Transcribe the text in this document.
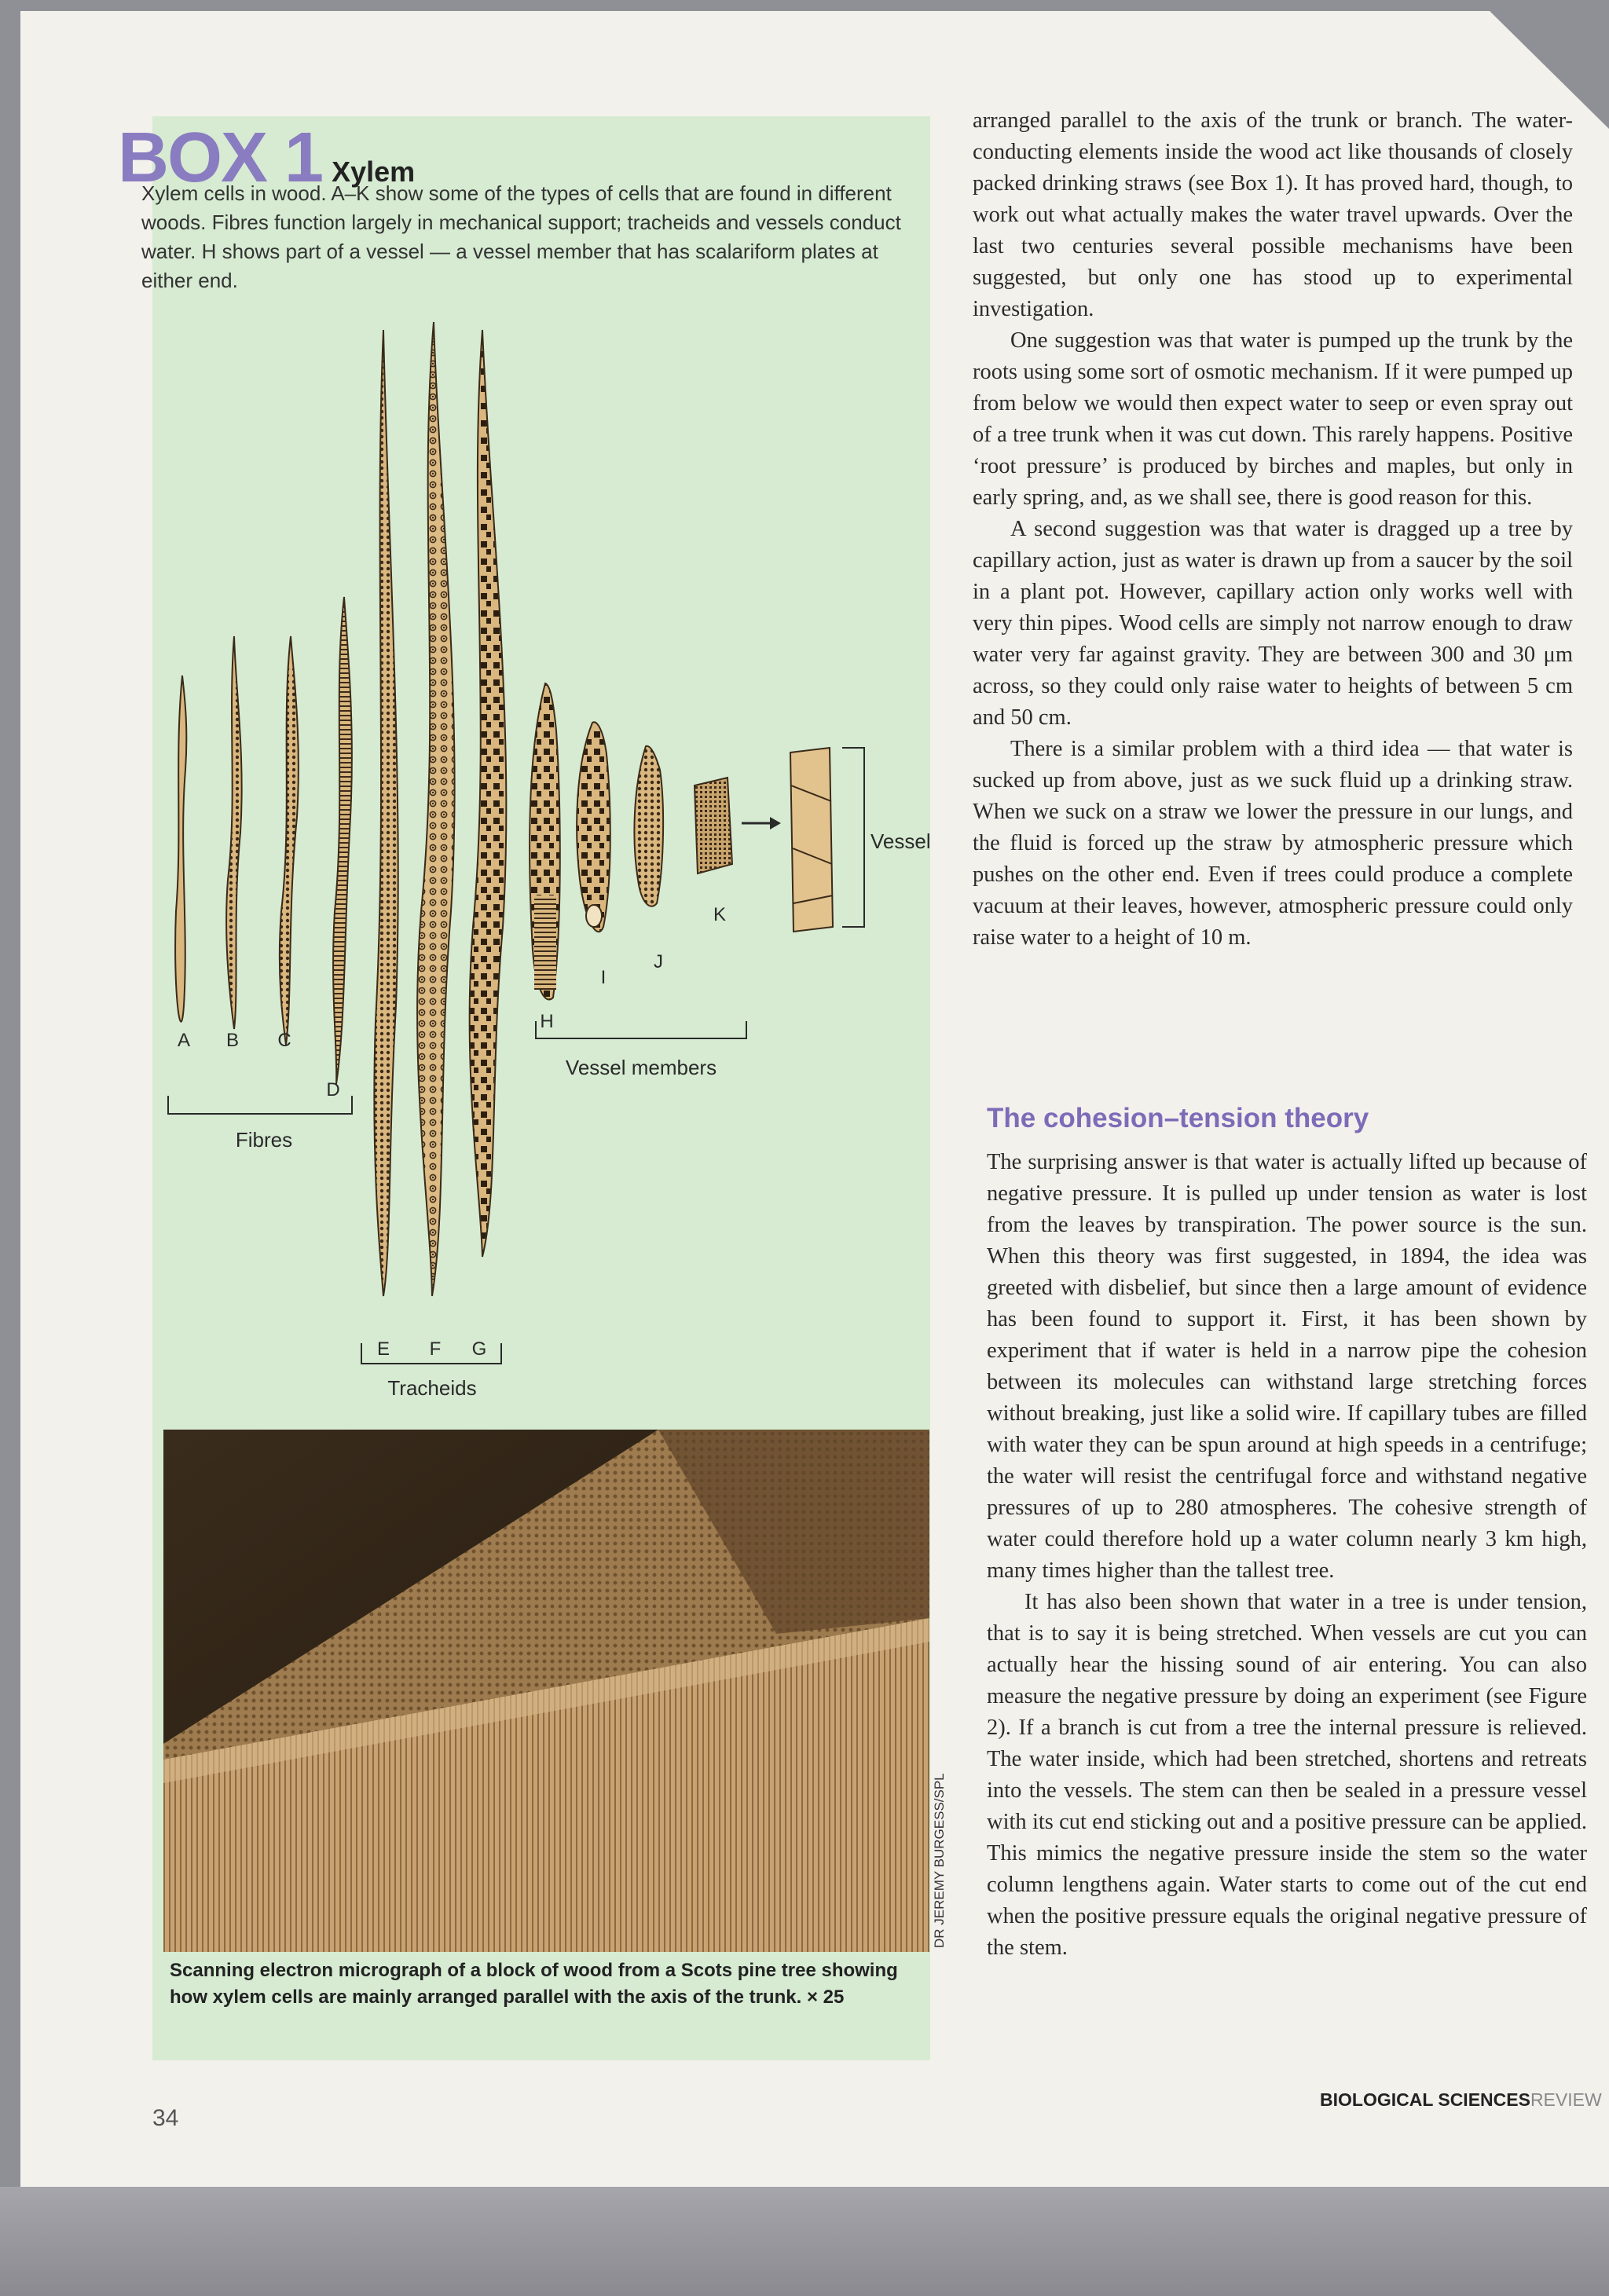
BOX 1 Xylem
Xylem cells in wood. A–K show some of the types of cells that are found in different woods. Fibres function largely in mechanical support; tracheids and vessels conduct water. H shows part of a vessel — a vessel member that has scalariform plates at either end.
A B C
D
E F G
H
I
J
K
Fibres
Tracheids
Vessel members
Vessel
DR JEREMY BURGESS/SPL
Scanning electron micrograph of a block of wood from a Scots pine tree showing how xylem cells are mainly arranged parallel with the axis of the trunk. × 25

arranged parallel to the axis of the trunk or branch. The water-conducting elements inside the wood act like thousands of closely packed drinking straws (see Box 1). It has proved hard, though, to work out what actually makes the water travel upwards. Over the last two centuries several possible mechanisms have been suggested, but only one has stood up to experimental investigation.

One suggestion was that water is pumped up the trunk by the roots using some sort of osmotic mechanism. If it were pumped up from below we would then expect water to seep or even spray out of a tree trunk when it was cut down. This rarely happens. Positive ‘root pressure’ is produced by birches and maples, but only in early spring, and, as we shall see, there is good reason for this.

A second suggestion was that water is dragged up a tree by capillary action, just as water is drawn up from a saucer by the soil in a plant pot. However, capillary action only works well with very thin pipes. Wood cells are simply not narrow enough to draw water very far against gravity. They are between 300 and 30 μm across, so they could only raise water to heights of between 5 cm and 50 cm.

There is a similar problem with a third idea — that water is sucked up from above, just as we suck fluid up a drinking straw. When we suck on a straw we lower the pressure in our lungs, and the fluid is forced up the straw by atmospheric pressure which pushes on the other end. Even if trees could produce a complete vacuum at their leaves, however, atmospheric pressure could only raise water to a height of 10 m.

The cohesion–tension theory

The surprising answer is that water is actually lifted up because of negative pressure. It is pulled up under tension as water is lost from the leaves by transpiration. The power source is the sun. When this theory was first suggested, in 1894, the idea was greeted with disbelief, but since then a large amount of evidence has been found to support it. First, it has been shown by experiment that if water is held in a narrow pipe the cohesion between its molecules can withstand large stretching forces without breaking, just like a solid wire. If capillary tubes are filled with water they can be spun around at high speeds in a centrifuge; the water will resist the centrifugal force and withstand negative pressures of up to 280 atmospheres. The cohesive strength of water could therefore hold up a water column nearly 3 km high, many times higher than the tallest tree.

It has also been shown that water in a tree is under tension, that is to say it is being stretched. When vessels are cut you can actually hear the hissing sound of air entering. You can also measure the negative pressure by doing an experiment (see Figure 2). If a branch is cut from a tree the internal pressure is relieved. The water inside, which had been stretched, shortens and retreats into the vessels. The stem can then be sealed in a pressure vessel with its cut end sticking out and a positive pressure can be applied. This mimics the negative pressure inside the stem so the water column lengthens again. Water starts to come out of the cut end when the positive pressure equals the original negative pressure of the stem.

34
BIOLOGICAL SCIENCESREVIEW
